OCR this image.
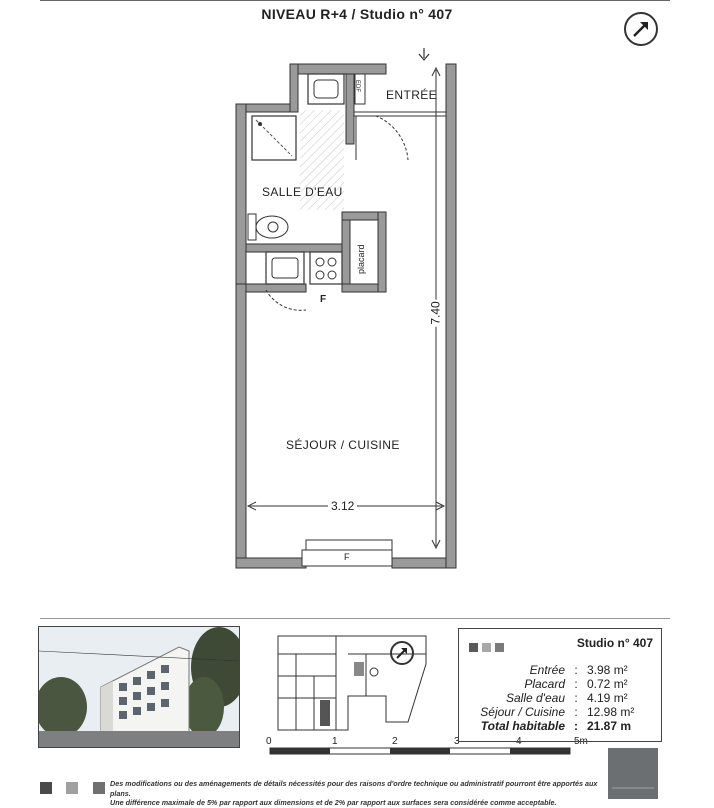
NIVEAU R+4 / Studio n° 407
ENTRÉE
SALLE D'EAU
placard
SÉJOUR / CUISINE
F
F
7.40
3.12
EDF
0	1	2	3	4	5m
Studio n° 407
Entrée : 3.98 m²
Placard : 0.72 m²
Salle d'eau : 4.19 m²
Séjour / Cuisine : 12.98 m²
Total habitable : 21.87 m

Des modifications ou des aménagements de détails nécessités pour des raisons d'ordre technique ou administratif pourront être apportés aux plans.
Une différence maximale de 5% par rapport aux dimensions et de 2% par rapport aux surfaces sera considérée comme acceptable.
